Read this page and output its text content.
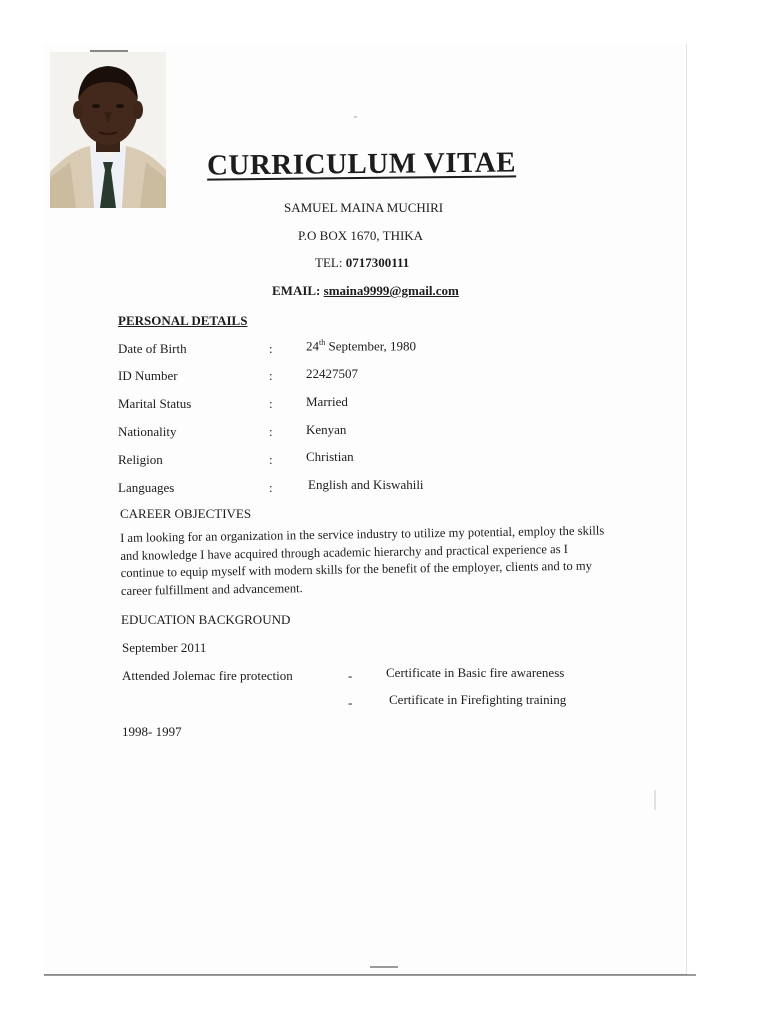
CURRICULUM VITAE
SAMUEL MAINA MUCHIRI
P.O BOX 1670, THIKA
TEL: 0717300111
EMAIL: smaina9999@gmail.com
PERSONAL DETAILS
Date of Birth	:	24th September, 1980
ID Number	:	22427507
Marital Status	:	Married
Nationality	:	Kenyan
Religion	:	Christian
Languages	:	English and Kiswahili
CAREER OBJECTIVES
I am looking for an organization in the service industry to utilize my potential, employ the skills
and knowledge I have acquired through academic hierarchy and practical experience as I
continue to equip myself with modern skills for the benefit of the employer, clients and to my
career fulfillment and advancement.
EDUCATION BACKGROUND
September 2011
Attended Jolemac fire protection	-	Certificate in Basic fire awareness
-	Certificate in Firefighting training
1998- 1997
